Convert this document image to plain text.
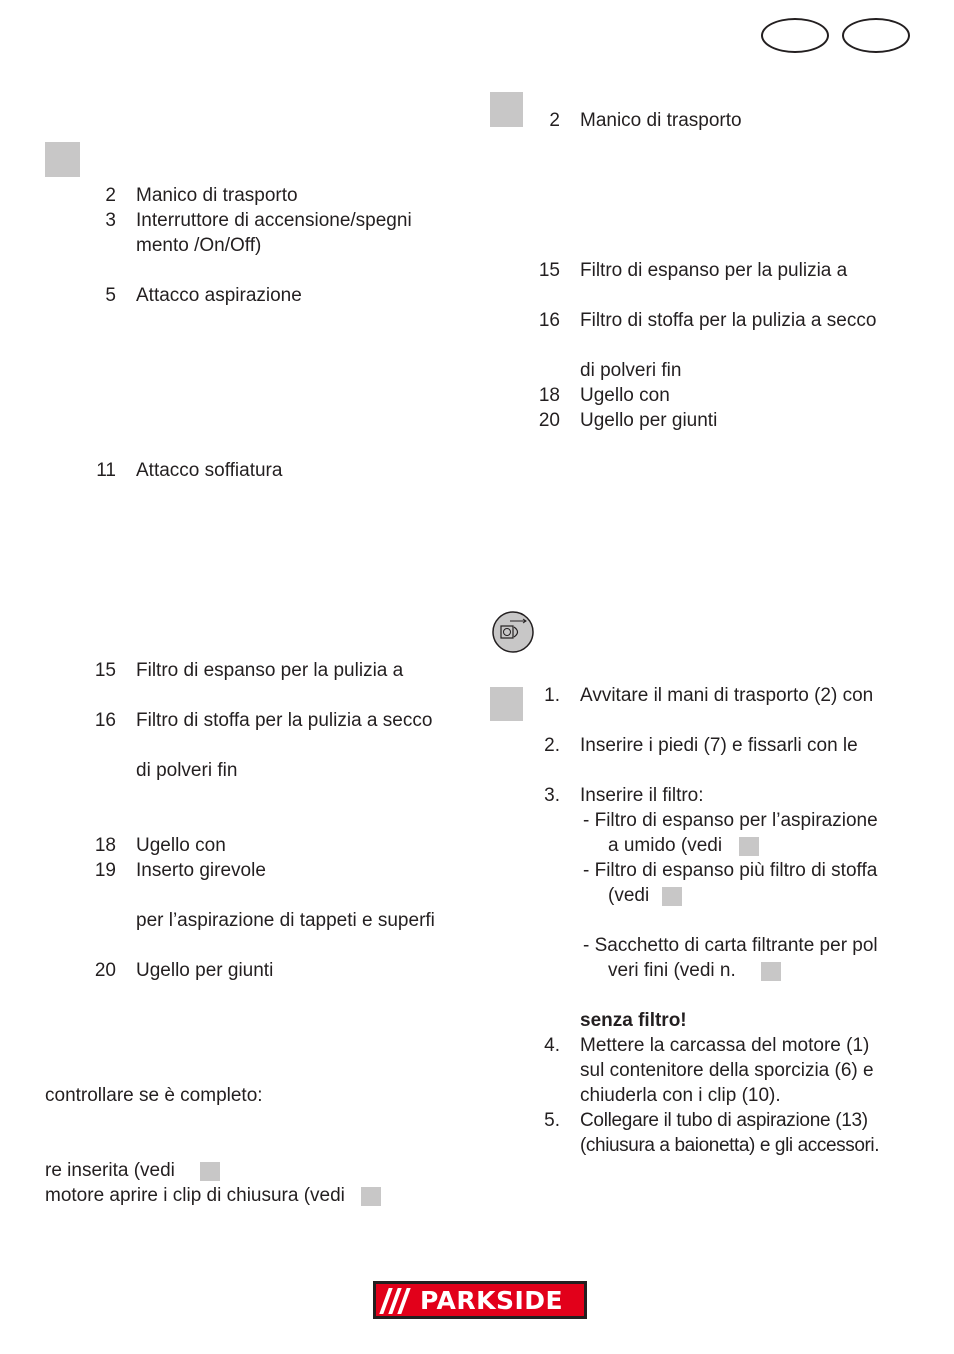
2 Manico di trasporto
3 Interruttore di accensione/spegni
mento /On/Off)
5 Attacco aspirazione
11 Attacco soffiatura
15 Filtro di espanso per la pulizia a
16 Filtro di stoffa per la pulizia a secco
di polveri fin
18 Ugello con
19 Inserto girevole
per l’aspirazione di tappeti e superfi
20 Ugello per giunti
controllare se è completo:
re inserita (vedi
motore aprire i clip di chiusura (vedi
2 Manico di trasporto
15 Filtro di espanso per la pulizia a
16 Filtro di stoffa per la pulizia a secco
di polveri fin
18 Ugello con
20 Ugello per giunti
1. Avvitare il mani di trasporto (2) con
2. Inserire i piedi (7) e fissarli con le
3. Inserire il filtro:
- Filtro di espanso per l’aspirazione
a umido (vedi
- Filtro di espanso più filtro di stoffa
(vedi
- Sacchetto di carta filtrante per pol
veri fini (vedi n.
senza filtro!
4. Mettere la carcassa del motore (1)
sul contenitore della sporcizia (6) e
chiuderla con i clip (10).
5. Collegare il tubo di aspirazione (13)
(chiusura a baionetta) e gli accessori.
PARKSIDE
